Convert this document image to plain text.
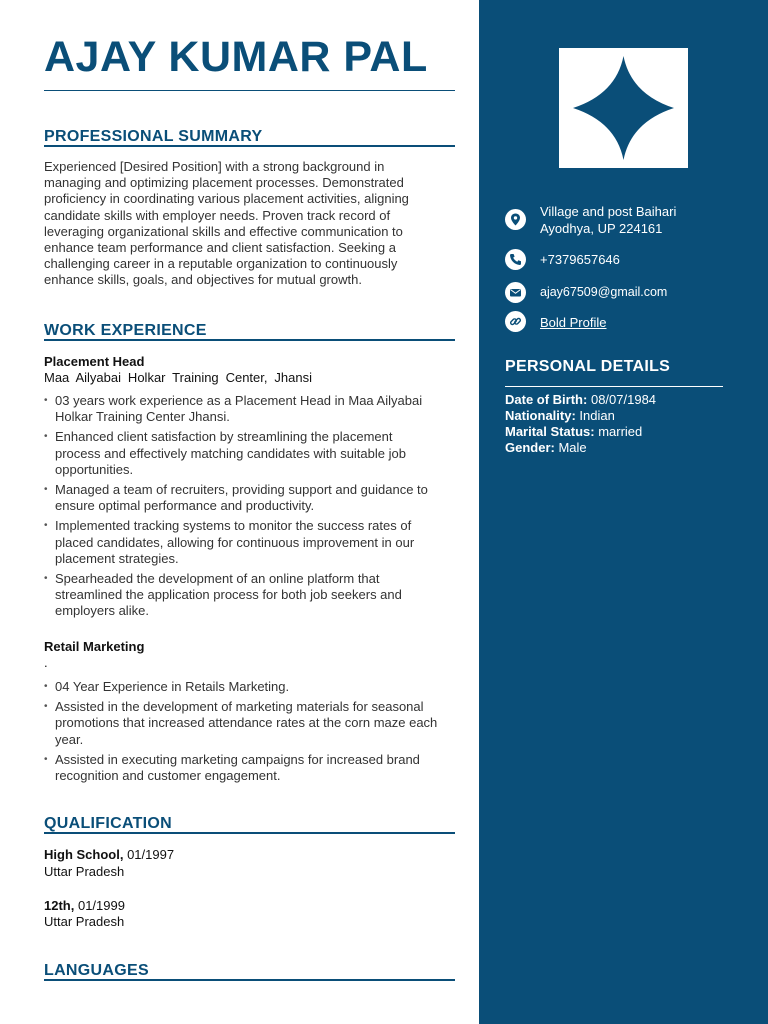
AJAY KUMAR PAL
PROFESSIONAL SUMMARY
Experienced [Desired Position] with a strong background in managing and optimizing placement processes. Demonstrated proficiency in coordinating various placement activities, aligning candidate skills with employer needs. Proven track record of leveraging organizational skills and effective communication to enhance team performance and client satisfaction. Seeking a challenging career in a reputable organization to continuously enhance skills, goals, and objectives for mutual growth.
WORK EXPERIENCE
Placement Head
Maa Ailyabai Holkar Training Center, Jhansi
• 03 years work experience as a Placement Head in Maa Ailyabai Holkar Training Center Jhansi.
• Enhanced client satisfaction by streamlining the placement process and effectively matching candidates with suitable job opportunities.
• Managed a team of recruiters, providing support and guidance to ensure optimal performance and productivity.
• Implemented tracking systems to monitor the success rates of placed candidates, allowing for continuous improvement in our placement strategies.
• Spearheaded the development of an online platform that streamlined the application process for both job seekers and employers alike.
Retail Marketing
.
• 04 Year Experience in Retails Marketing.
• Assisted in the development of marketing materials for seasonal promotions that increased attendance rates at the corn maze each year.
• Assisted in executing marketing campaigns for increased brand recognition and customer engagement.
QUALIFICATION
High School, 01/1997
Uttar Pradesh
12th, 01/1999
Uttar Pradesh
LANGUAGES
Village and post Baihari
Ayodhya, UP 224161
+7379657646
ajay67509@gmail.com
Bold Profile
PERSONAL DETAILS
Date of Birth: 08/07/1984
Nationality: Indian
Marital Status: married
Gender: Male
